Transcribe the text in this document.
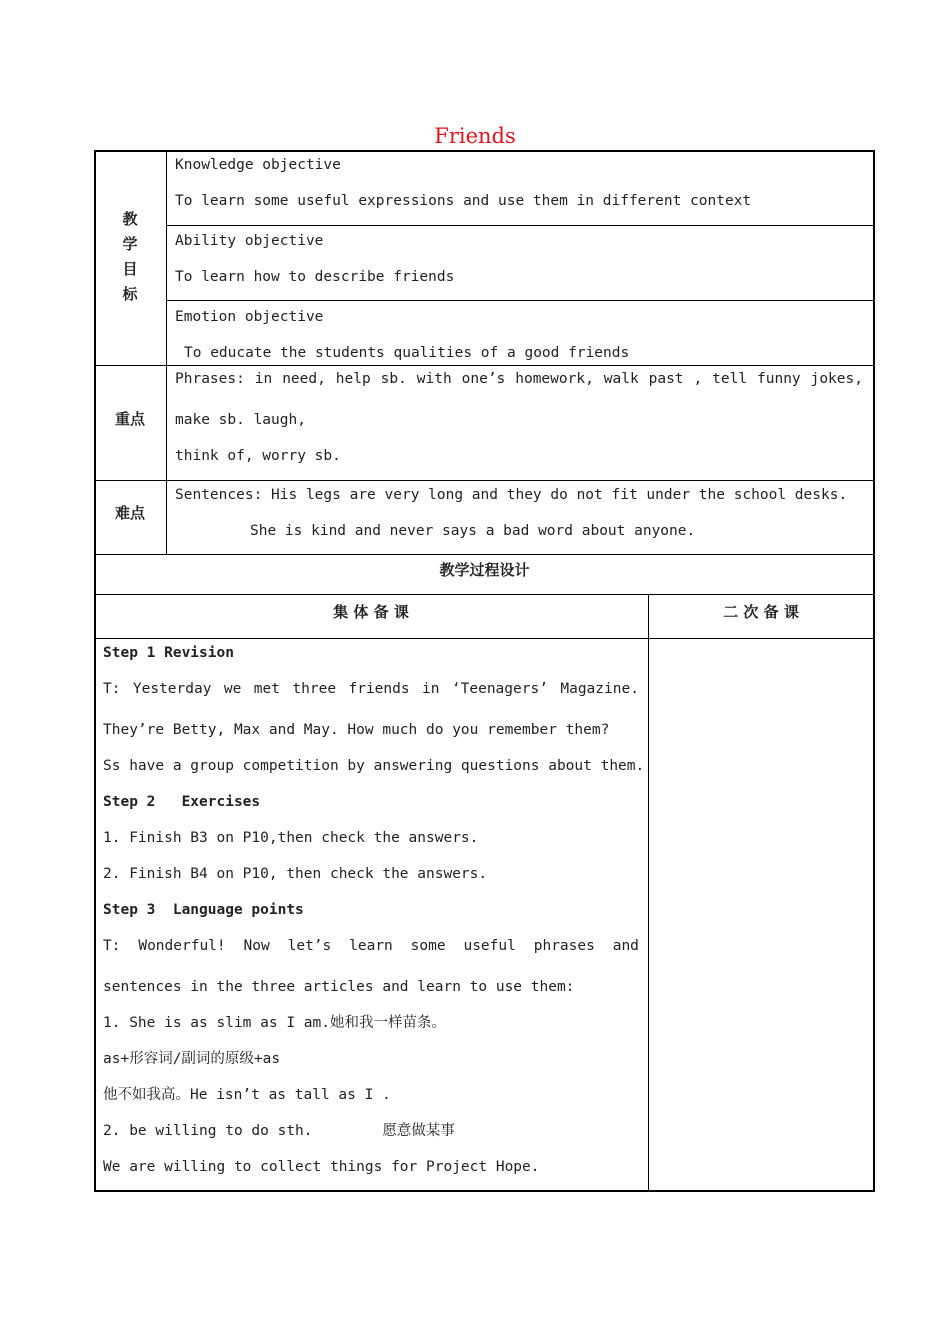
Friends
教
学
目
标
Knowledge objective
To learn some useful expressions and use them in different context
Ability objective
To learn how to describe friends
Emotion objective
To educate the students qualities of a good friends
重点
Phrases: in need, help sb. with one’s homework, walk past , tell funny jokes,
make sb. laugh,
think of, worry sb.
难点
Sentences: His legs are very long and they do not fit under the school desks.
She is kind and never says a bad word about anyone.
教学过程设计
集 体 备 课	二 次 备 课
Step 1 Revision
T: Yesterday we met three friends in ‘Teenagers’ Magazine.
They’re Betty, Max and May. How much do you remember them?
Ss have a group competition by answering questions about them.
Step 2   Exercises
1. Finish B3 on P10,then check the answers.
2. Finish B4 on P10, then check the answers.
Step 3  Language points
T: Wonderful! Now let’s learn some useful phrases and
sentences in the three articles and learn to use them:
1. She is as slim as I am.她和我一样苗条。
as+形容词/副词的原级+as
他不如我高。He isn’t as tall as I .
2. be willing to do sth.        愿意做某事
We are willing to collect things for Project Hope.
